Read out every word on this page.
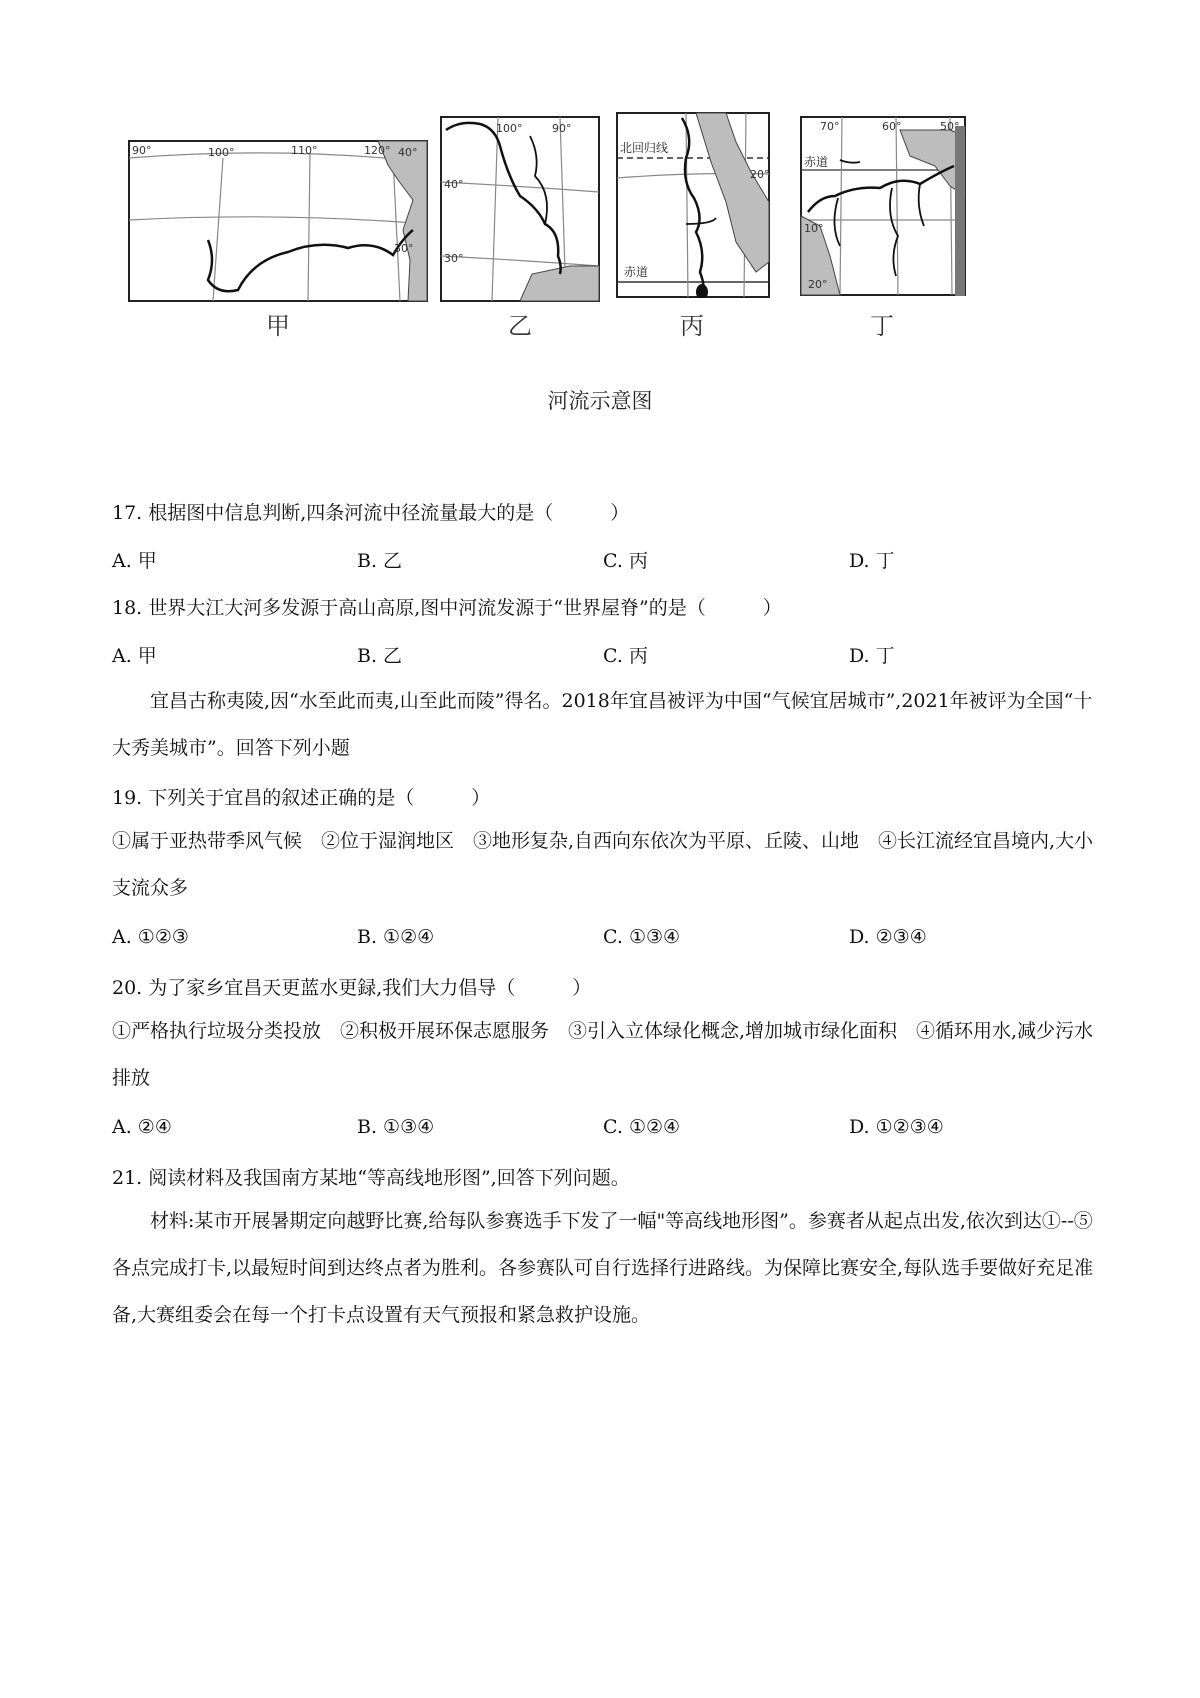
90°	100°	110°	120° 40°
30°
甲
100°	90°
40°
30°
乙
北回归线
20°
赤道
丙
70°	60°	50°
赤道
10°
20°
丁
河流示意图
17. 根据图中信息判断,四条河流中径流量最大的是（　　　）
A. 甲	B. 乙	C. 丙	D. 丁
18. 世界大江大河多发源于高山高原,图中河流发源于“世界屋脊”的是（　　　）
A. 甲	B. 乙	C. 丙	D. 丁
宜昌古称夷陵,因“水至此而夷,山至此而陵”得名。2018年宜昌被评为中国“气候宜居城市”,2021年被评为全国“十大秀美城市”。回答下列小题
19. 下列关于宜昌的叙述正确的是（　　　）
①属于亚热带季风气候　②位于湿润地区　③地形复杂,自西向东依次为平原、丘陵、山地　④长江流经宜昌境内,大小支流众多
A. ①②③	B. ①②④	C. ①③④	D. ②③④
20. 为了家乡宜昌天更蓝水更録,我们大力倡导（　　　）
①严格执行垃圾分类投放　②积极开展环保志愿服务　③引入立体绿化概念,增加城市绿化面积　④循环用水,减少污水排放
A. ②④	B. ①③④	C. ①②④	D. ①②③④
21. 阅读材料及我国南方某地“等高线地形图”,回答下列问题。
材料:某市开展暑期定向越野比赛,给每队参赛选手下发了一幅"等高线地形图”。参赛者从起点出发,依次到达①--⑤各点完成打卡,以最短时间到达终点者为胜利。各参赛队可自行选择行进路线。为保障比赛安全,每队选手要做好充足准备,大赛组委会在每一个打卡点设置有天气预报和紧急救护设施。
